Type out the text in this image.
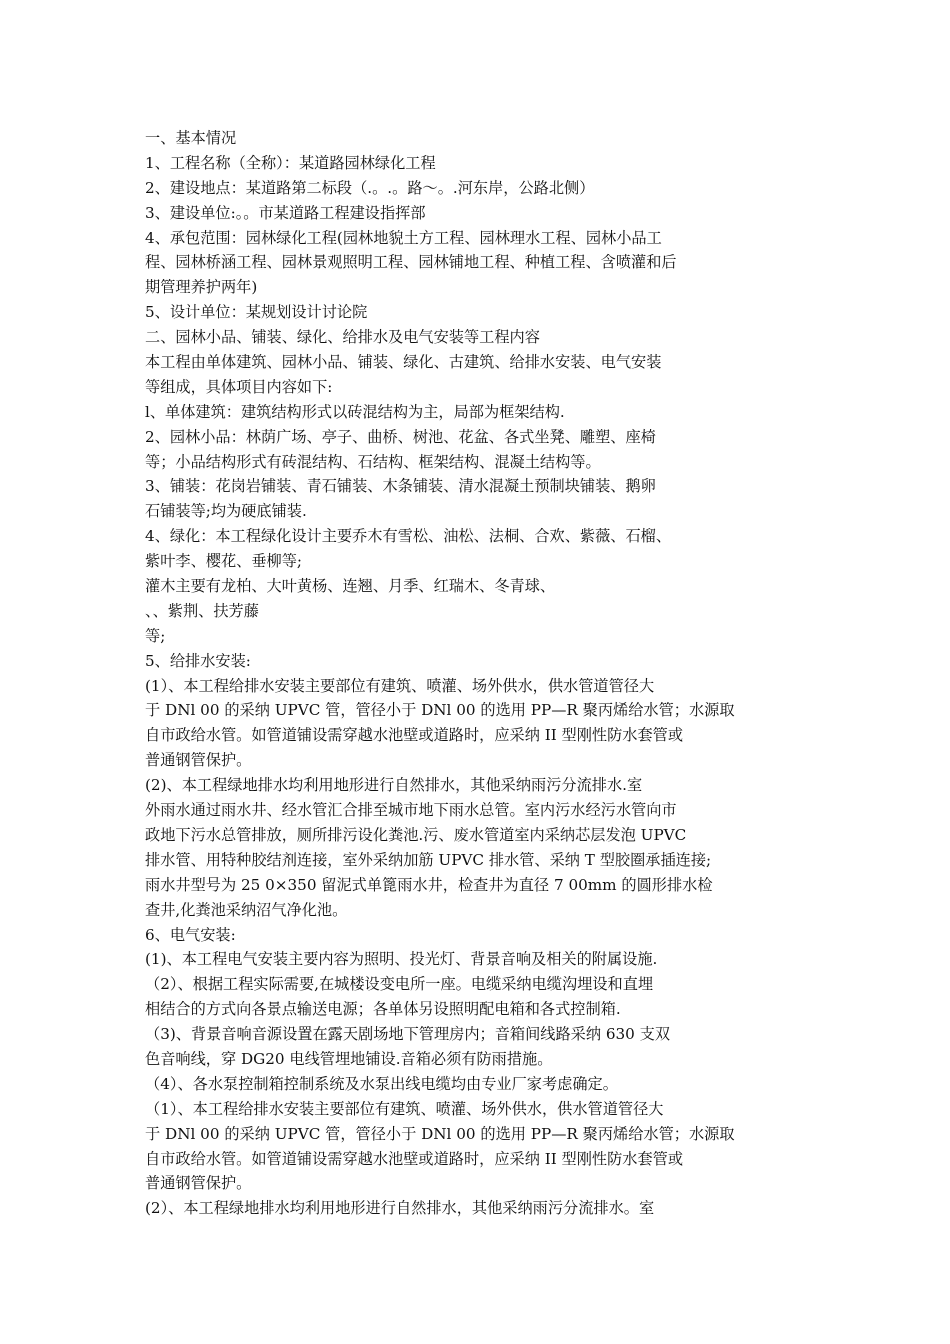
一、基本情况
1、工程名称（全称）：某道路园林绿化工程
2、建设地点：某道路第二标段（.。.。路～。.河东岸，公路北侧）
3、建设单位:。。市某道路工程建设指挥部
4、承包范围：园林绿化工程(园林地貌土方工程、园林理水工程、园林小品工
程、园林桥涵工程、园林景观照明工程、园林铺地工程、种植工程、含喷灌和后
期管理养护两年)
5、设计单位：某规划设计讨论院
二、园林小品、铺装、绿化、给排水及电气安装等工程内容
本工程由单体建筑、园林小品、铺装、绿化、古建筑、给排水安装、电气安装
等组成，具体项目内容如下:
l、单体建筑：建筑结构形式以砖混结构为主，局部为框架结构.
2、园林小品：林荫广场、亭子、曲桥、树池、花盆、各式坐凳、雕塑、座椅
等；小品结构形式有砖混结构、石结构、框架结构、混凝土结构等。
3、铺装：花岗岩铺装、青石铺装、木条铺装、清水混凝土预制块铺装、鹅卵
石铺装等;均为硬底铺装.
4、绿化：本工程绿化设计主要乔木有雪松、油松、法桐、合欢、紫薇、石榴、
紫叶李、樱花、垂柳等;
灌木主要有龙柏、大叶黄杨、连翘、月季、红瑞木、冬青球、
、、紫荆、扶芳藤
等;
5、给排水安装:
(1）、本工程给排水安装主要部位有建筑、喷灌、场外供水，供水管道管径大
于 DNl 00 的采纳 UPVC 管，管径小于 DNl 00 的选用 PP—R 聚丙烯给水管；水源取
自市政给水管。如管道铺设需穿越水池壁或道路时，应采纳 II 型刚性防水套管或
普通钢管保护。
(2)、本工程绿地排水均利用地形进行自然排水，其他采纳雨污分流排水.室
外雨水通过雨水井、经水管汇合排至城市地下雨水总管。室内污水经污水管向市
政地下污水总管排放，厕所排污设化粪池.污、废水管道室内采纳芯层发泡 UPVC
排水管、用特种胶结剂连接，室外采纳加筋 UPVC 排水管、采纳 T 型胶圈承插连接;
雨水井型号为 25 0×350 留泥式单篦雨水井，检查井为直径 7 00mm 的圆形排水检
查井,化粪池采纳沼气净化池。
6、电气安装:
(1)、本工程电气安装主要内容为照明、投光灯、背景音响及相关的附属设施.
（2）、根据工程实际需要,在城楼设变电所一座。电缆采纳电缆沟埋设和直埋
相结合的方式向各景点输送电源；各单体另设照明配电箱和各式控制箱.
（3)、背景音响音源设置在露天剧场地下管理房内；音箱间线路采纳 630 支双
色音响线，穿 DG20 电线管埋地铺设.音箱必须有防雨措施。
（4）、各水泵控制箱控制系统及水泵出线电缆均由专业厂家考虑确定。
（1）、本工程给排水安装主要部位有建筑、喷灌、场外供水，供水管道管径大
于 DNl 00 的采纳 UPVC 管，管径小于 DNl 00 的选用 PP—R 聚丙烯给水管；水源取
自市政给水管。如管道铺设需穿越水池壁或道路时，应采纳 II 型刚性防水套管或
普通钢管保护。
(2）、本工程绿地排水均利用地形进行自然排水，其他采纳雨污分流排水。室
